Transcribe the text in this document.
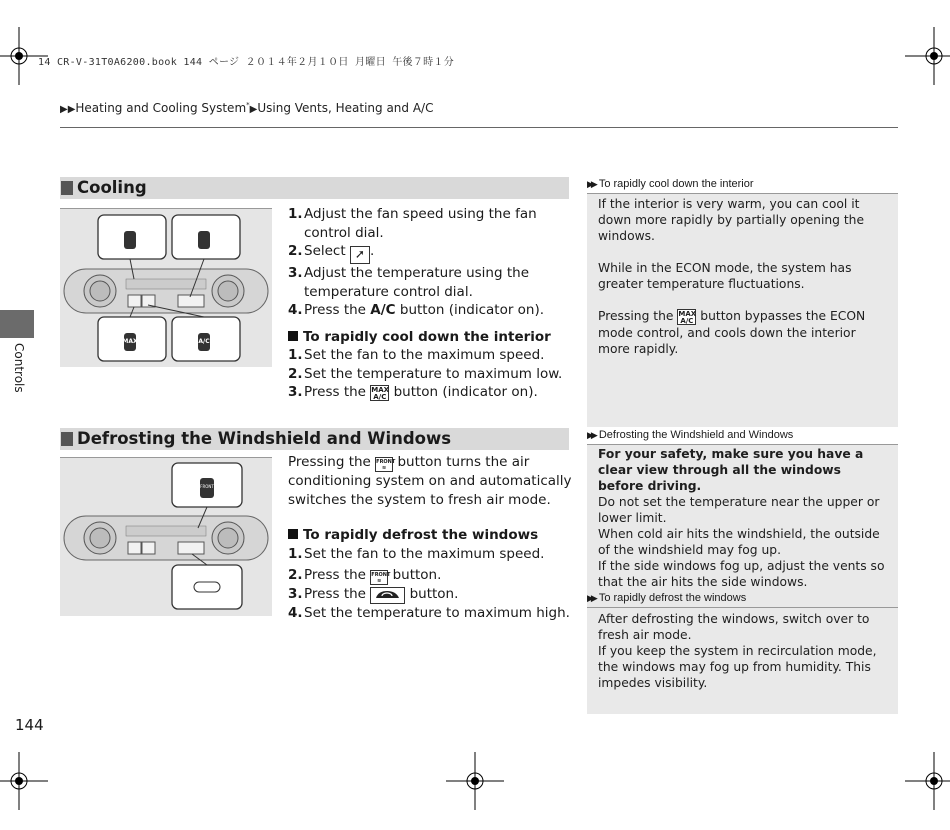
14 CR-V-31T0A6200.book 144 ページ ２０１４年２月１０日 月曜日 午後７時１分
▶▶Heating and Cooling System*▶Using Vents, Heating and A/C
Controls
Cooling
MAX	A/C
1. Adjust the fan speed using the fan control dial.
2. Select ➚ .
3. Adjust the temperature using the temperature control dial.
4. Press the A/C button (indicator on).
To rapidly cool down the interior
1. Set the fan to the maximum speed.
2. Set the temperature to maximum low.
3. Press the MAX
A/C button (indicator on).
Defrosting the Windshield and Windows
FRONT
Pressing the FRONT
≋ button turns the air conditioning system on and automatically switches the system to fresh air mode.
To rapidly defrost the windows
1. Set the fan to the maximum speed.
2. Press the FRONT
≋ button.
3. Press the	button.
4. Set the temperature to maximum high.
▶▶ To rapidly cool down the interior

If the interior is very warm, you can cool it down more rapidly by partially opening the windows.

While in the ECON mode, the system has greater temperature fluctuations.

Pressing the MAX
A/C button bypasses the ECON mode control, and cools down the interior more rapidly.

▶▶ Defrosting the Windshield and Windows

For your safety, make sure you have a clear view through all the windows before driving.

Do not set the temperature near the upper or lower limit.

When cold air hits the windshield, the outside of the windshield may fog up.

If the side windows fog up, adjust the vents so that the air hits the side windows.

▶▶ To rapidly defrost the windows

After defrosting the windows, switch over to fresh air mode.

If you keep the system in recirculation mode, the windows may fog up from humidity. This impedes visibility.

144
